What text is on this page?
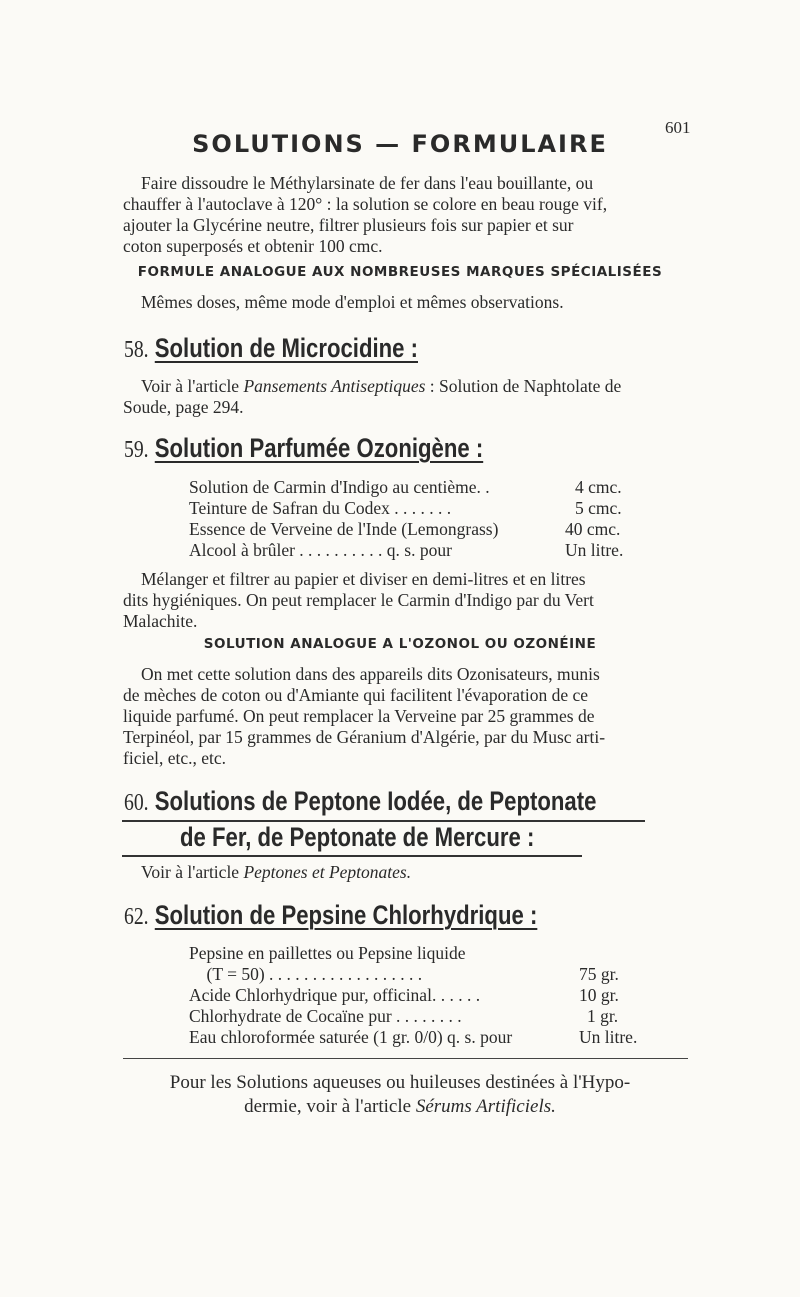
601
SOLUTIONS — FORMULAIRE
Faire dissoudre le Méthylarsinate de fer dans l'eau bouillante, ou
chauffer à l'autoclave à 120° : la solution se colore en beau rouge vif,
ajouter la Glycérine neutre, filtrer plusieurs fois sur papier et sur
coton superposés et obtenir 100 cmc.
FORMULE ANALOGUE AUX NOMBREUSES MARQUES SPÉCIALISÉES
Mêmes doses, même mode d'emploi et mêmes observations.
58. Solution de Microcidine :
Voir à l'article Pansements Antiseptiques : Solution de Naphtolate de
Soude, page 294.
59. Solution Parfumée Ozonigène :
Solution de Carmin d'Indigo au centième. .	4 cmc.
Teinture de Safran du Codex . . . . . . .	5 cmc.
Essence de Verveine de l'Inde (Lemongrass)	40 cmc.
Alcool à brûler . . . . . . . . . . q. s. pour	Un litre.
Mélanger et filtrer au papier et diviser en demi-litres et en litres
dits hygiéniques. On peut remplacer le Carmin d'Indigo par du Vert
Malachite.
SOLUTION ANALOGUE A L'OZONOL OU OZONÉINE
On met cette solution dans des appareils dits Ozonisateurs, munis
de mèches de coton ou d'Amiante qui facilitent l'évaporation de ce
liquide parfumé. On peut remplacer la Verveine par 25 grammes de
Terpinéol, par 15 grammes de Géranium d'Algérie, par du Musc arti-
ficiel, etc., etc.
60. Solutions de Peptone Iodée, de Peptonate
de Fer, de Peptonate de Mercure :
Voir à l'article Peptones et Peptonates.
62. Solution de Pepsine Chlorhydrique :
Pepsine en paillettes ou Pepsine liquide
(T = 50) . . . . . . . . . . . . . . . . . .	75 gr.
Acide Chlorhydrique pur, officinal. . . . . .	10 gr.
Chlorhydrate de Cocaïne pur . . . . . . . .	1 gr.
Eau chloroformée saturée (1 gr. 0/0) q. s. pour	Un litre.
Pour les Solutions aqueuses ou huileuses destinées à l'Hypo-
dermie, voir à l'article Sérums Artificiels.
